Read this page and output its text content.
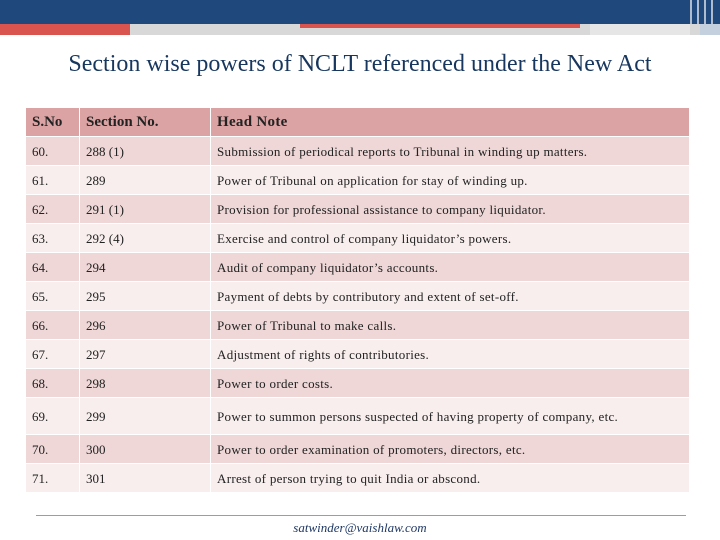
Section wise powers of NCLT referenced under the New Act
S.No	Section No.	Head Note
60.	288 (1)	Submission of periodical reports to Tribunal in winding up matters.
61.	289	Power of Tribunal on application for stay of winding up.
62.	291 (1)	Provision for professional assistance to company liquidator.
63.	292 (4)	Exercise and control of company liquidator’s powers.
64.	294	Audit of company liquidator’s accounts.
65.	295	Payment of debts by contributory and extent of set-off.
66.	296	Power of Tribunal to make calls.
67.	297	Adjustment of rights of contributories.
68.	298	Power to order costs.
69.	299	Power to summon persons suspected of having property of company, etc.
70.	300	Power to order examination of promoters, directors, etc.
71.	301	Arrest of person trying to quit India or abscond.
satwinder@vaishlaw.com
